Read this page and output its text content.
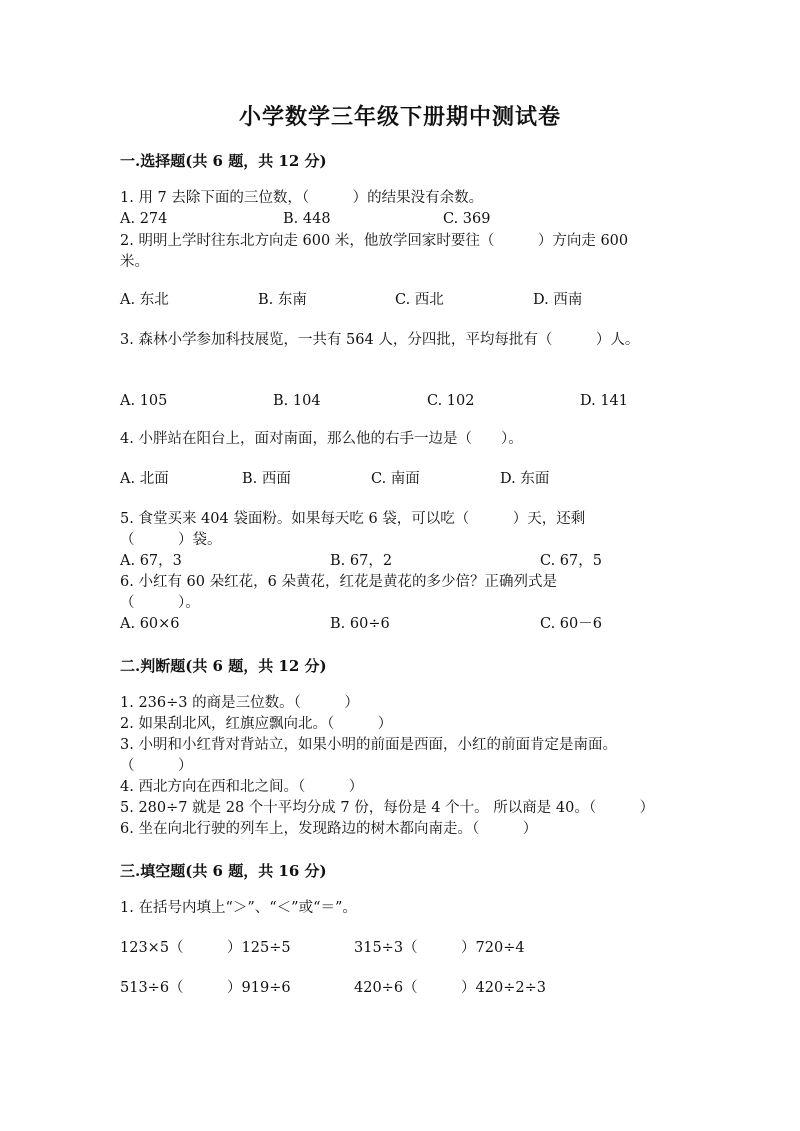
小学数学三年级下册期中测试卷
一.选择题(共 6 题，共 12 分)
1. 用 7 去除下面的三位数，（　　　）的结果没有余数。
A. 274	B. 448	C. 369
2. 明明上学时往东北方向走 600 米，他放学回家时要往（　　　）方向走 600
米。
A. 东北	B. 东南	C. 西北	D. 西南
3. 森林小学参加科技展览，一共有 564 人，分四批，平均每批有（　　　）人。
A. 105	B. 104	C. 102	D. 141
4. 小胖站在阳台上，面对南面，那么他的右手一边是（　　）。
A. 北面	B. 西面	C. 南面	D. 东面
5. 食堂买来 404 袋面粉。如果每天吃 6 袋，可以吃（　　　）天，还剩
（　　　）袋。
A. 67，3	B. 67，2	C. 67，5
6. 小红有 60 朵红花，6 朵黄花，红花是黄花的多少倍？正确列式是
（　　　）。
A. 60×6	B. 60÷6	C. 60－6
二.判断题(共 6 题，共 12 分)
1. 236÷3 的商是三位数。（　　　）
2. 如果刮北风，红旗应飘向北。（　　　）
3. 小明和小红背对背站立，如果小明的前面是西面，小红的前面肯定是南面。
（　　　）
4. 西北方向在西和北之间。（　　　）
5. 280÷7 就是 28 个十平均分成 7 份，每份是 4 个十。 所以商是 40。（　　　）
6. 坐在向北行驶的列车上，发现路边的树木都向南走。（　　　）
三.填空题(共 6 题，共 16 分)
1. 在括号内填上“＞”、“＜”或“＝”。
123×5（　　　）125÷5	315÷3（　　　）720÷4
513÷6（　　　）919÷6	420÷6（　　　）420÷2÷3
